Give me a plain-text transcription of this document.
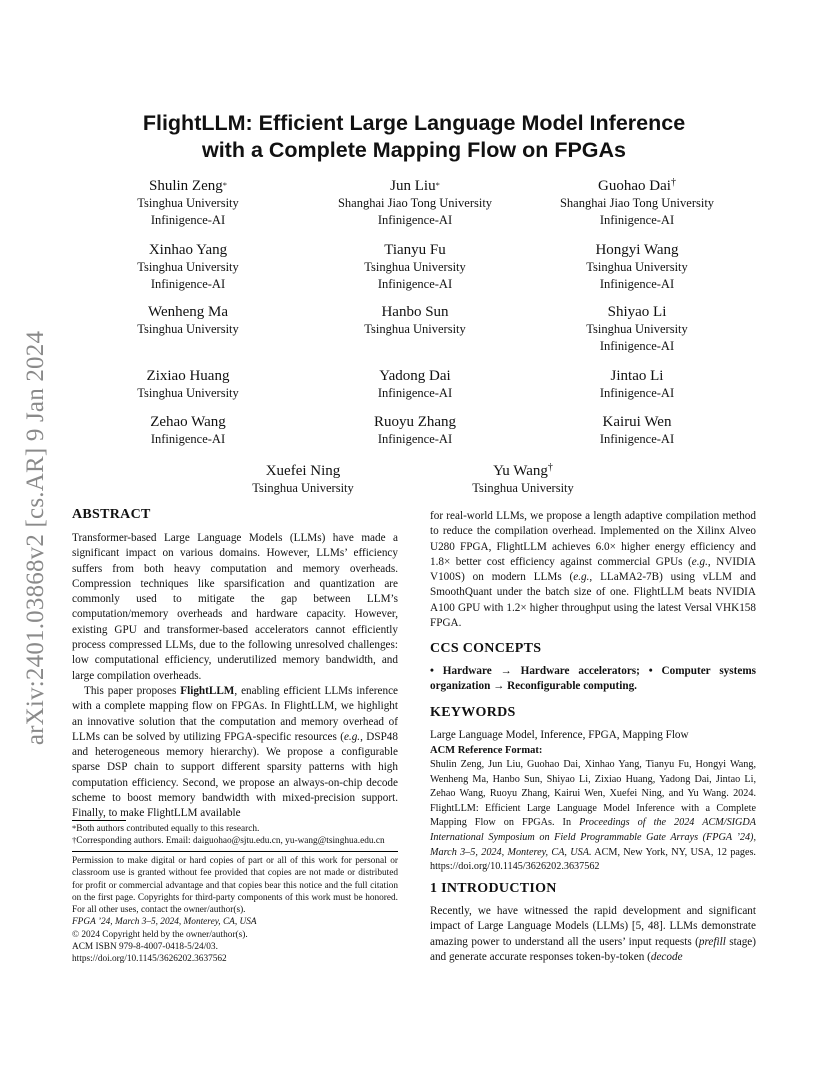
arXiv:2401.03868v2 [cs.AR] 9 Jan 2024
FlightLLM: Efficient Large Language Model Inference
with a Complete Mapping Flow on FPGAs
Shulin Zeng*
Tsinghua University
Infinigence-AI
Jun Liu*
Shanghai Jiao Tong University
Infinigence-AI
Guohao Dai†
Shanghai Jiao Tong University
Infinigence-AI
Xinhao Yang
Tsinghua University
Infinigence-AI
Tianyu Fu
Tsinghua University
Infinigence-AI
Hongyi Wang
Tsinghua University
Infinigence-AI
Wenheng Ma
Tsinghua University
Hanbo Sun
Tsinghua University
Shiyao Li
Tsinghua University
Infinigence-AI
Zixiao Huang
Tsinghua University
Yadong Dai
Infinigence-AI
Jintao Li
Infinigence-AI
Zehao Wang
Infinigence-AI
Ruoyu Zhang
Infinigence-AI
Kairui Wen
Infinigence-AI
Xuefei Ning
Tsinghua University
Yu Wang†
Tsinghua University
ABSTRACT
Transformer-based Large Language Models (LLMs) have made a significant impact on various domains. However, LLMs’ efficiency suffers from both heavy computation and memory overheads. Compression techniques like sparsification and quantization are commonly used to mitigate the gap between LLM’s computation/memory overheads and hardware capacity. However, existing GPU and transformer-based accelerators cannot efficiently process compressed LLMs, due to the following unresolved challenges: low computational efficiency, underutilized memory bandwidth, and large compilation overheads.
This paper proposes FlightLLM, enabling efficient LLMs inference with a complete mapping flow on FPGAs. In FlightLLM, we highlight an innovative solution that the computation and memory overhead of LLMs can be solved by utilizing FPGA-specific resources (e.g., DSP48 and heterogeneous memory hierarchy). We propose a configurable sparse DSP chain to support different sparsity patterns with high computation efficiency. Second, we propose an always-on-chip decode scheme to boost memory bandwidth with mixed-precision support. Finally, to make FlightLLM available
*Both authors contributed equally to this research.
†Corresponding authors. Email: daiguohao@sjtu.edu.cn, yu-wang@tsinghua.edu.cn
Permission to make digital or hard copies of part or all of this work for personal or classroom use is granted without fee provided that copies are not made or distributed for profit or commercial advantage and that copies bear this notice and the full citation on the first page. Copyrights for third-party components of this work must be honored. For all other uses, contact the owner/author(s).
FPGA ’24, March 3–5, 2024, Monterey, CA, USA
© 2024 Copyright held by the owner/author(s).
ACM ISBN 979-8-4007-0418-5/24/03.
https://doi.org/10.1145/3626202.3637562
for real-world LLMs, we propose a length adaptive compilation method to reduce the compilation overhead. Implemented on the Xilinx Alveo U280 FPGA, FlightLLM achieves 6.0× higher energy efficiency and 1.8× better cost efficiency against commercial GPUs (e.g., NVIDIA V100S) on modern LLMs (e.g., LLaMA2-7B) using vLLM and SmoothQuant under the batch size of one. FlightLLM beats NVIDIA A100 GPU with 1.2× higher throughput using the latest Versal VHK158 FPGA.
CCS CONCEPTS
• Hardware → Hardware accelerators; • Computer systems organization → Reconfigurable computing.
KEYWORDS
Large Language Model, Inference, FPGA, Mapping Flow
ACM Reference Format:
Shulin Zeng, Jun Liu, Guohao Dai, Xinhao Yang, Tianyu Fu, Hongyi Wang, Wenheng Ma, Hanbo Sun, Shiyao Li, Zixiao Huang, Yadong Dai, Jintao Li, Zehao Wang, Ruoyu Zhang, Kairui Wen, Xuefei Ning, and Yu Wang. 2024. FlightLLM: Efficient Large Language Model Inference with a Complete Mapping Flow on FPGAs. In Proceedings of the 2024 ACM/SIGDA International Symposium on Field Programmable Gate Arrays (FPGA ’24), March 3–5, 2024, Monterey, CA, USA. ACM, New York, NY, USA, 12 pages. https://doi.org/10.1145/3626202.3637562
1 INTRODUCTION
Recently, we have witnessed the rapid development and significant impact of Large Language Models (LLMs) [5, 48]. LLMs demonstrate amazing power to understand all the users’ input requests (prefill stage) and generate accurate responses token-by-token (decode
